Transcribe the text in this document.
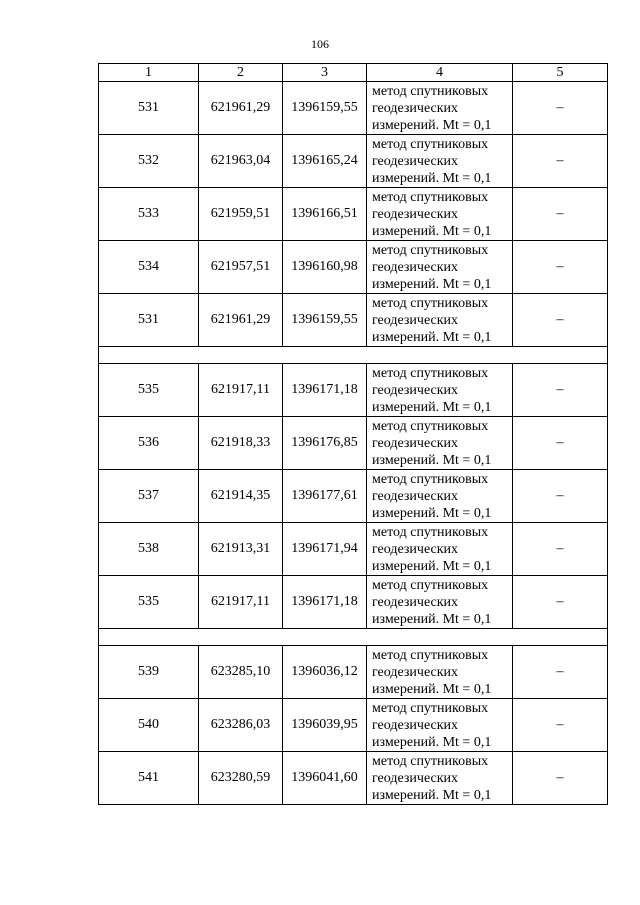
106
1	2	3	4	5
531	621961,29	1396159,55	метод спутниковых
геодезических
измерений. Mt = 0,1	–
532	621963,04	1396165,24	метод спутниковых
геодезических
измерений. Mt = 0,1	–
533	621959,51	1396166,51	метод спутниковых
геодезических
измерений. Mt = 0,1	–
534	621957,51	1396160,98	метод спутниковых
геодезических
измерений. Mt = 0,1	–
531	621961,29	1396159,55	метод спутниковых
геодезических
измерений. Mt = 0,1	–

535	621917,11	1396171,18	метод спутниковых
геодезических
измерений. Mt = 0,1	–
536	621918,33	1396176,85	метод спутниковых
геодезических
измерений. Mt = 0,1	–
537	621914,35	1396177,61	метод спутниковых
геодезических
измерений. Mt = 0,1	–
538	621913,31	1396171,94	метод спутниковых
геодезических
измерений. Mt = 0,1	–
535	621917,11	1396171,18	метод спутниковых
геодезических
измерений. Mt = 0,1	–

539	623285,10	1396036,12	метод спутниковых
геодезических
измерений. Mt = 0,1	–
540	623286,03	1396039,95	метод спутниковых
геодезических
измерений. Mt = 0,1	–
541	623280,59	1396041,60	метод спутниковых
геодезических
измерений. Mt = 0,1	–
